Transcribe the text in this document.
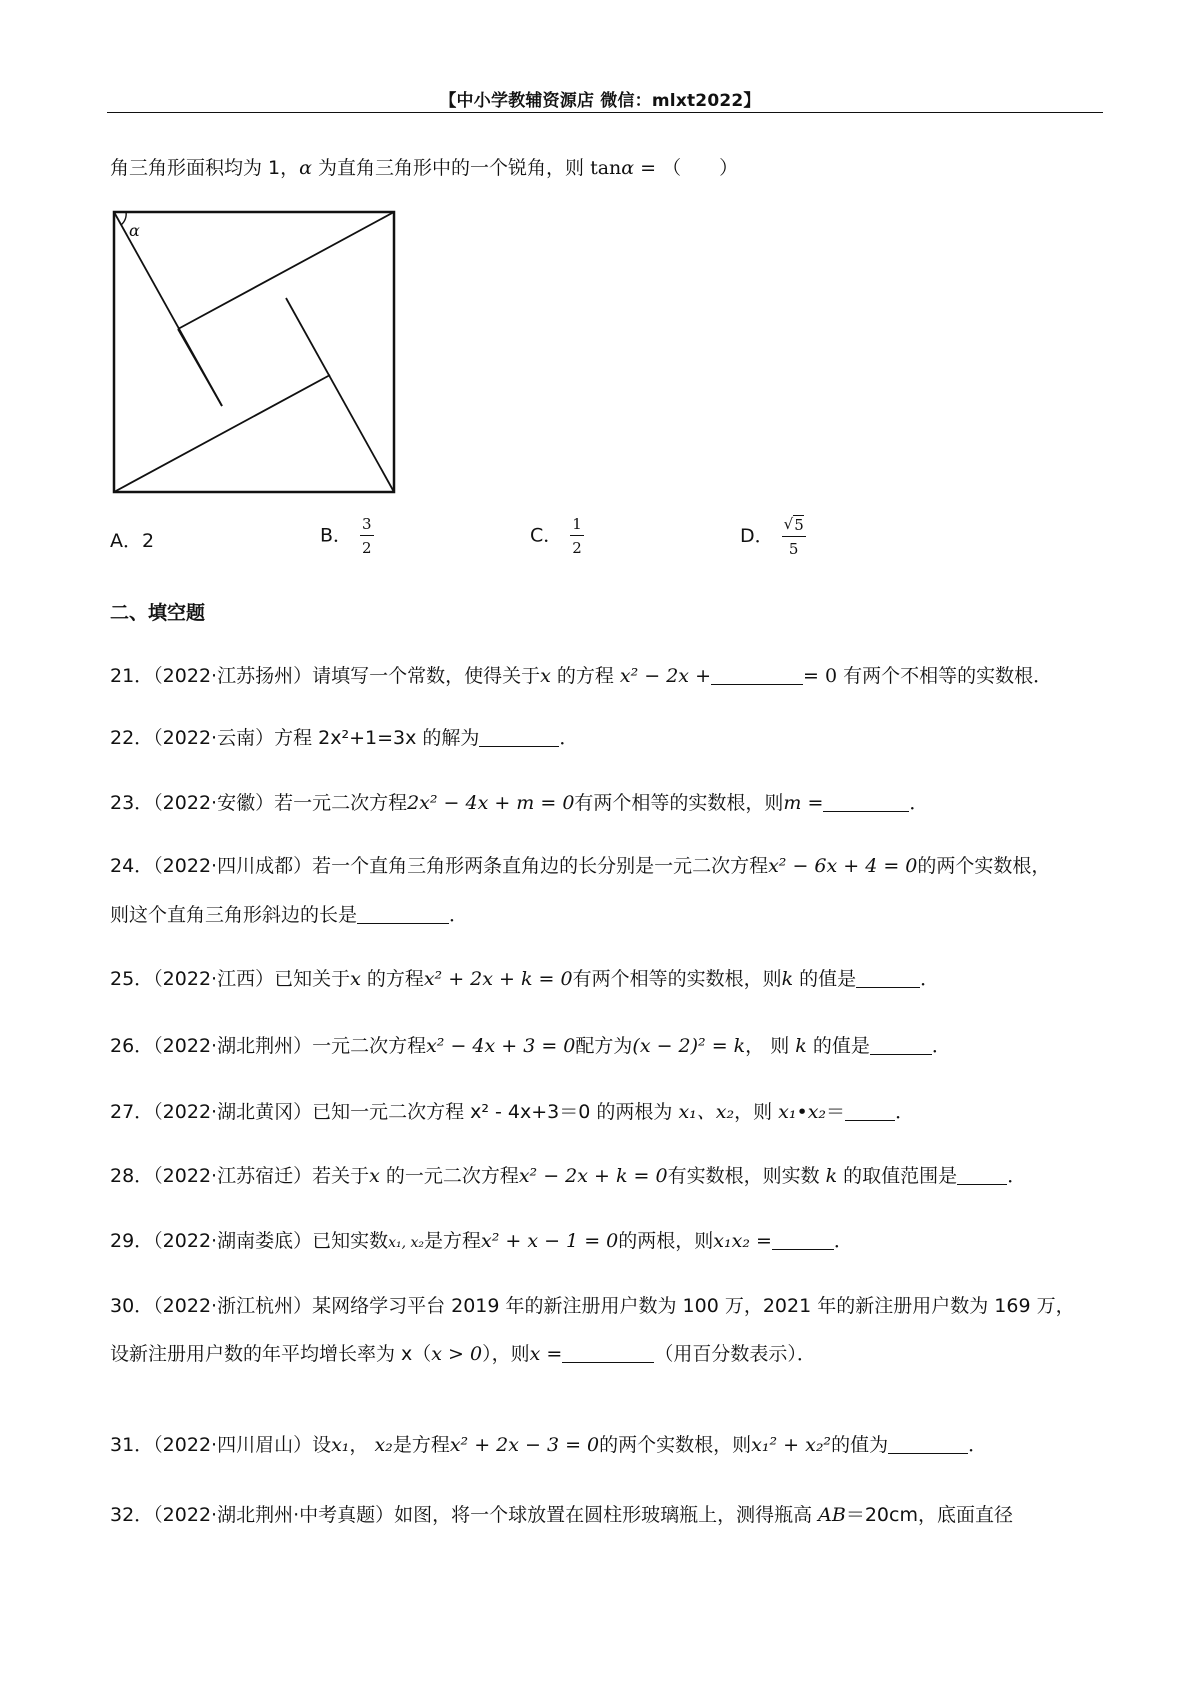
【中小学教辅资源店 微信：mlxt2022】
角三角形面积均为 1，α 为直角三角形中的一个锐角，则 tanα = （　　）
α
A．2	B． $\frac{3}{2}$	C． $\frac{1}{2}$	D． $\frac{√ 5}{5}$
二、填空题
21．（2022·江苏扬州）请填写一个常数，使得关于x 的方程 x² − 2x +	= 0 有两个不相等的实数根．
22．（2022·云南）方程 2x²+1=3x 的解为	．
23．（2022·安徽）若一元二次方程2x² − 4x + m = 0有两个相等的实数根，则m =	．
24．（2022·四川成都）若一个直角三角形两条直角边的长分别是一元二次方程x² − 6x + 4 = 0的两个实数根，
则这个直角三角形斜边的长是	．
25．（2022·江西）已知关于x 的方程x² + 2x + k = 0有两个相等的实数根，则k 的值是	．
26．（2022·湖北荆州）一元二次方程x² − 4x + 3 = 0配方为(x − 2)² = k， 则 k 的值是	．
27．（2022·湖北黄冈）已知一元二次方程 x² - 4x+3＝0 的两根为 x₁、x₂，则 x₁•x₂＝	．
28．（2022·江苏宿迁）若关于x 的一元二次方程x² − 2x + k = 0有实数根，则实数 k 的取值范围是	．
29．（2022·湖南娄底）已知实数x₁, x₂是方程x² + x − 1 = 0的两根，则x₁x₂ =	．
30．（2022·浙江杭州）某网络学习平台 2019 年的新注册用户数为 100 万，2021 年的新注册用户数为 169 万，
设新注册用户数的年平均增长率为 x（x > 0），则x =	（用百分数表示）．
31．（2022·四川眉山）设x₁， x₂是方程x² + 2x − 3 = 0的两个实数根，则x₁² + x₂²的值为	．
32．（2022·湖北荆州·中考真题）如图，将一个球放置在圆柱形玻璃瓶上，测得瓶高 AB＝20cm，底面直径
